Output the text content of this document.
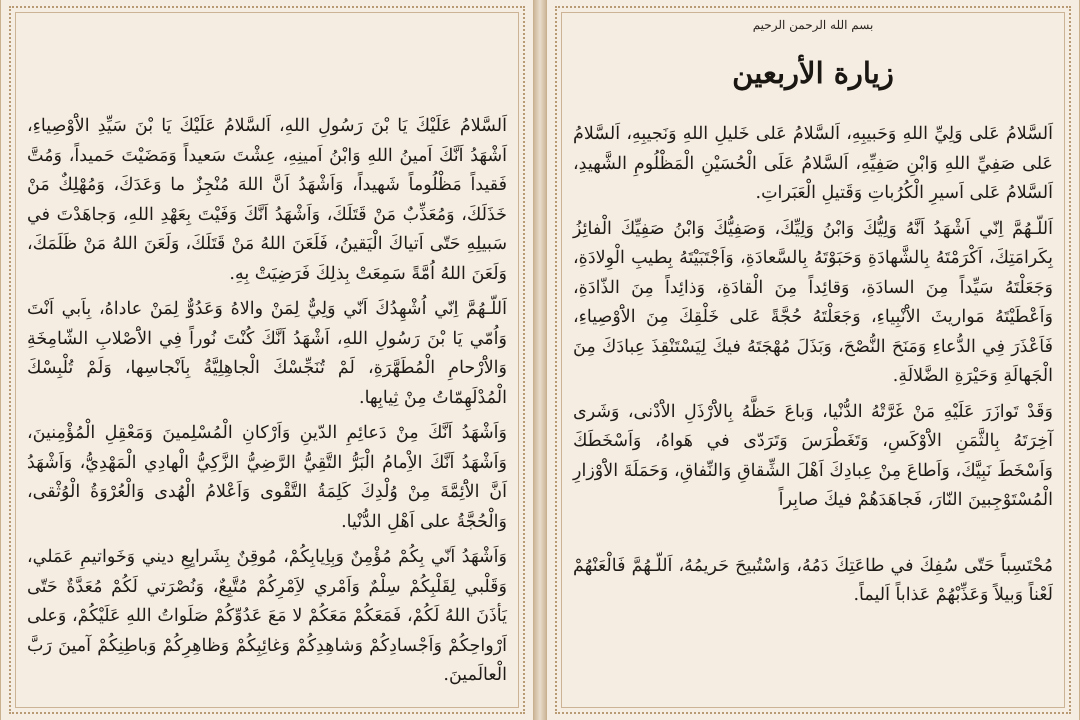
اَلسَّلامُ عَلَيْكَ يَا بْنَ رَسُولِ اللهِ، اَلسَّلامُ عَلَيْكَ يَا بْنَ سَيِّدِ الاَْوْصِياءِ، اَشْهَدُ اَنَّكَ اَمينُ اللهِ وَابْنُ اَمينِهِ، عِشْتَ سَعيداً وَمَضَيْتَ حَميداً، وَمُتَّ فَقيداً مَظْلُوماً شَهيداً، وَاَشْهَدُ اَنَّ اللهَ مُنْجِزٌ ما وَعَدَكَ، وَمُهْلِكٌ مَنْ خَذَلَكَ، وَمُعَذِّبٌ مَنْ قَتَلَكَ، وَاَشْهَدُ اَنَّكَ وَفَيْتَ بِعَهْدِ اللهِ، وَجاهَدْتَ في سَبيلِهِ حَتّى اَتياكَ الْيَقينُ، فَلَعَنَ اللهُ مَنْ قَتَلَكَ، وَلَعَنَ اللهُ مَنْ ظَلَمَكَ، وَلَعَنَ اللهُ اُمَّةً سَمِعَتْ بِذلِكَ فَرَضِيَتْ بِهِ.

اَللّـهُمَّ اِنّي اُشْهِدُكَ اَنّي وَلِيٌّ لِمَنْ والاهُ وَعَدُوٌّ لِمَنْ عاداهُ، بِاَبي اَنْتَ وَاُمّي يَا بْنَ رَسُولِ اللهِ، اَشْهَدُ اَنَّكَ كُنْتَ نُوراً فِي الاَْصْلابِ الشّامِخَةِ وَالاَْرْحامِ الْمُطَهَّرَةِ، لَمْ تُنَجِّسْكَ الْجاهِلِيَّةُ بِاَنْجاسِها، وَلَمْ تُلْبِسْكَ الْمُدْلَهِمّاتُ مِنْ ثِيابِها.

وَاَشْهَدُ اَنَّكَ مِنْ دَعائِمِ الدّينِ وَاَرْكانِ الْمُسْلِمينَ وَمَعْقِلِ الْمُؤْمِنينَ، وَاَشْهَدُ اَنَّكَ الاِْمامُ الْبَرُّ التَّقِيُّ الرَّضِيُّ الزَّكِيُّ الْهادِي الْمَهْدِيُّ، وَاَشْهَدُ اَنَّ الاَْئِمَّةَ مِنْ وُلْدِكَ كَلِمَةُ التَّقْوى وَاَعْلامُ الْهُدى وَالْعُرْوَةُ الْوُثْقى، وَالْحُجَّةُ على اَهْلِ الدُّنْيا.

وَاَشْهَدُ اَنّي بِكُمْ مُؤْمِنٌ وَبِاِيابِكُمْ، مُوقِنٌ بِشَرايِعِ ديني وَخَواتيمِ عَمَلي، وَقَلْبي لِقَلْبِكُمْ سِلْمٌ وَاَمْري لاَِمْرِكُمْ مُتَّبِعٌ، وَنُصْرَتي لَكُمْ مُعَدَّةٌ حَتّى يَأذَنَ اللهُ لَكُمْ، فَمَعَكُمْ مَعَكُمْ لا مَعَ عَدُوِّكُمْ صَلَواتُ اللهِ عَلَيْكُمْ، وَعلى اَرْواحِكُمْ وَاَجْسادِكُمْ وَشاهِدِكُمْ وَغائِبِكُمْ وَظاهِرِكُمْ وَباطِنِكُمْ آمينَ رَبَّ الْعالَمينَ.

بسم الله الرحمن الرحيم
زيارة الأربعين

اَلسَّلامُ عَلى وَلِيِّ اللهِ وَحَبيبِهِ، اَلسَّلامُ عَلى خَليلِ اللهِ وَنَجيبِهِ، اَلسَّلامُ عَلى صَفِيِّ اللهِ وَابْنِ صَفِيِّهِ، اَلسَّلامُ عَلَى الْحُسَيْنِ الْمَظْلُومِ الشَّهيدِ، اَلسَّلامُ عَلى اَسيرِ الْكُرُباتِ وَقَتيلِ الْعَبَراتِ.

اَللّـهُمَّ اِنّي اَشْهَدُ اَنَّهُ وَلِيُّكَ وَابْنُ وَلِيِّكَ، وَصَفِيُّكَ وَابْنُ صَفِيِّكَ الْفائِزُ بِكَرامَتِكَ، اَكْرَمْتَهُ بِالشَّهادَةِ وَحَبَوْتَهُ بِالسَّعادَةِ، وَاَجْتَبَيْتَهُ بِطيبِ الْوِلادَةِ، وَجَعَلْتَهُ سَيِّداً مِنَ السادَةِ، وَقائِداً مِنَ الْقادَةِ، وَذائِداً مِنَ الذّادَةِ، وَاَعْطَيْتَهُ مَواريثَ الاَْنْبِياءِ، وَجَعَلْتَهُ حُجَّةً عَلى خَلْقِكَ مِنَ الاَْوْصِياءِ، فَاَعْذَرَ فِي الدُّعاءِ وَمَنَحَ النُّصْحَ، وَبَذَلَ مُهْجَتَهُ فيكَ لِيَسْتَنْقِذَ عِبادَكَ مِنَ الْجَهالَةِ وَحَيْرَةِ الضَّلالَةِ.

وَقَدْ تَوازَرَ عَلَيْهِ مَنْ غَرَّتْهُ الدُّنْيا، وَباعَ حَظَّهُ بِالاَْرْذَلِ الاَْدْنى، وَشَرى آخِرَتَهُ بِالثَّمَنِ الاَْوْكَسِ، وَتَغَطْرَسَ وَتَرَدّى في هَواهُ، وَاَسْخَطَكَ وَاَسْخَطَ نَبِيَّكَ، وَاَطاعَ مِنْ عِبادِكَ اَهْلَ الشِّقاقِ وَالنِّفاقِ، وَحَمَلَةَ الاَْوْزارِ الْمُسْتَوْجِبينَ النّارَ، فَجاهَدَهُمْ فيكَ صابِراً

مُحْتَسِباً حَتّى سُفِكَ في طاعَتِكَ دَمُهُ، وَاسْتُبيحَ حَريمُهُ، اَللّـهُمَّ فَالْعَنْهُمْ لَعْناً وَبيلاً وَعَذِّبْهُمْ عَذاباً اَليماً.
